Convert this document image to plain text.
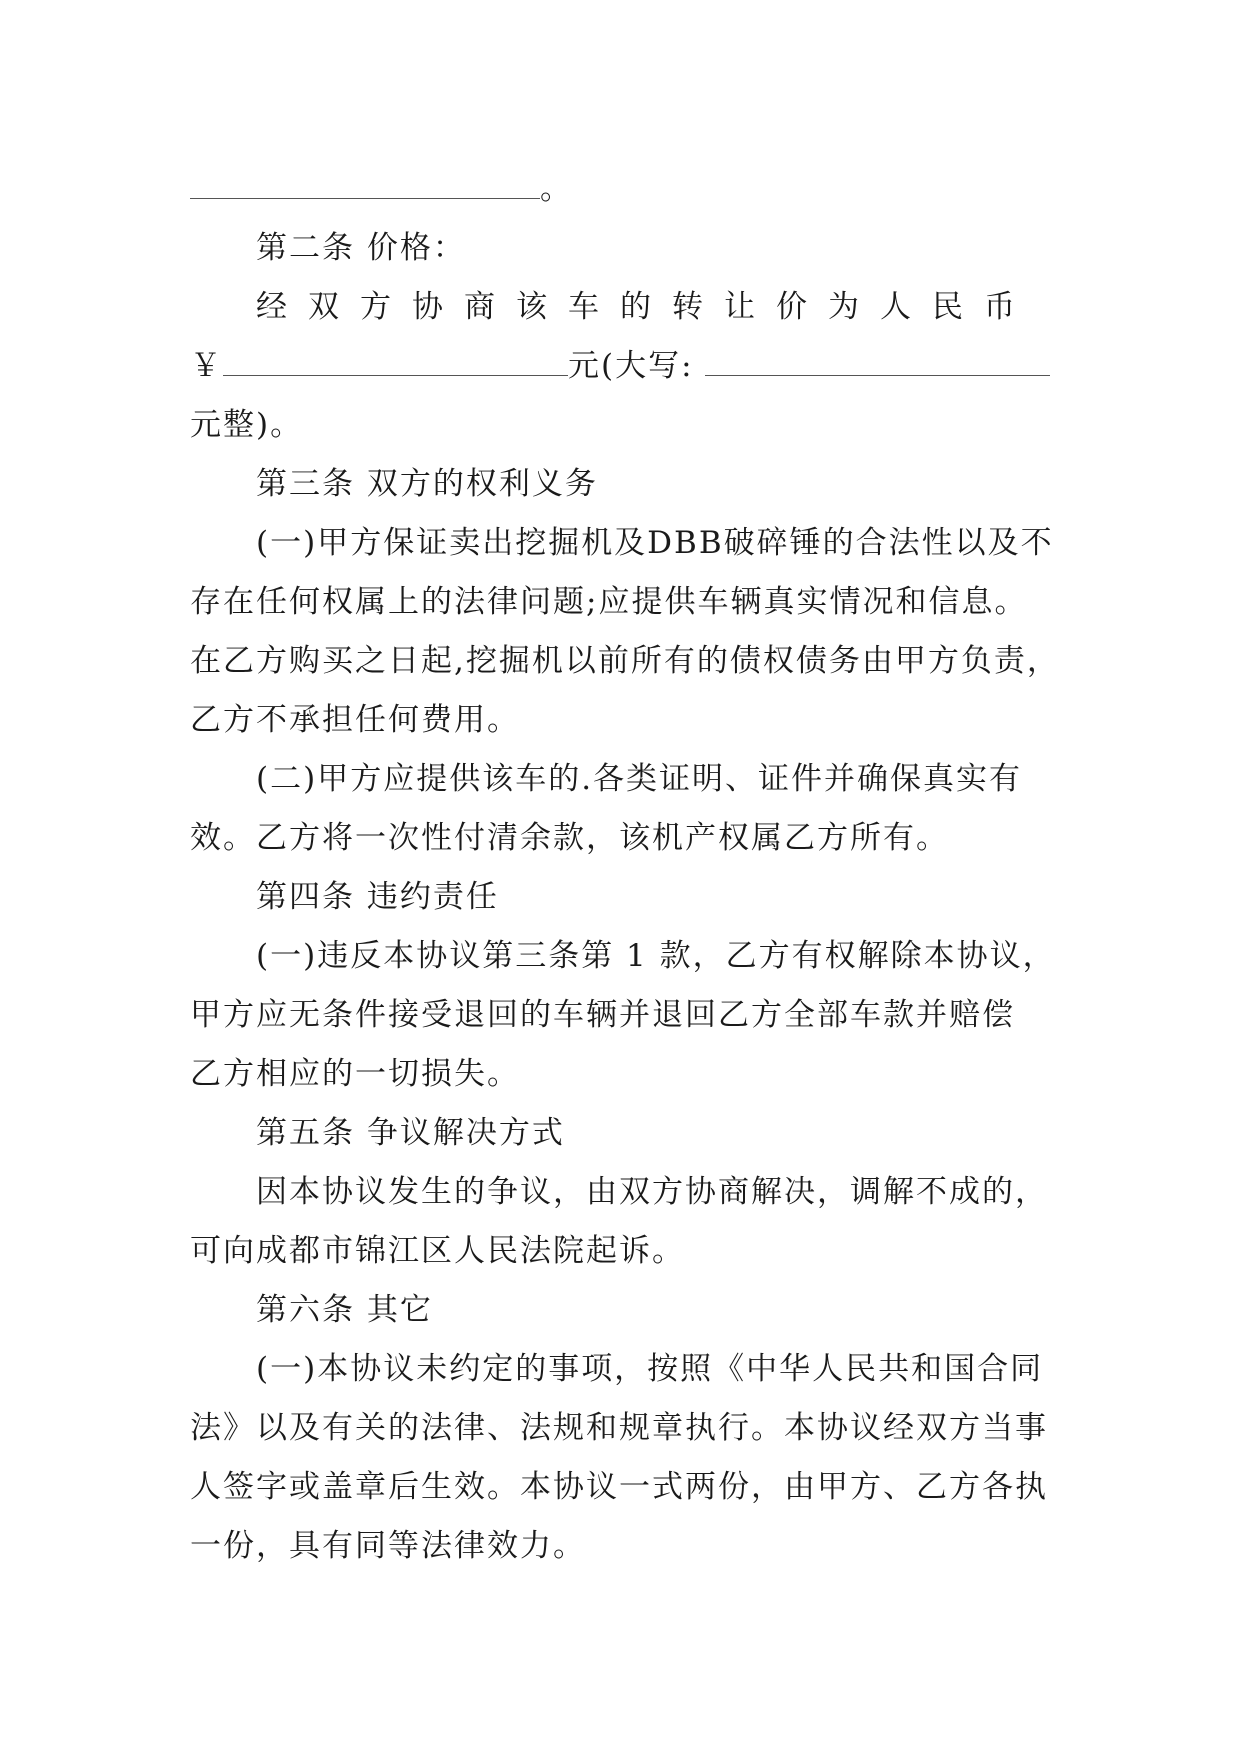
。
第二条 价格：
经双方协商该车的转让价为人民币
￥	元(大写:
元整)。
第三条 双方的权利义务
(一)甲方保证卖出挖掘机及DBB破碎锤的合法性以及不
存在任何权属上的法律问题;应提供车辆真实情况和信息。
在乙方购买之日起,挖掘机以前所有的债权债务由甲方负责，
乙方不承担任何费用。
(二)甲方应提供该车的.各类证明、证件并确保真实有
效。乙方将一次性付清余款，该机产权属乙方所有。
第四条 违约责任
(一)违反本协议第三条第 1 款，乙方有权解除本协议，
甲方应无条件接受退回的车辆并退回乙方全部车款并赔偿
乙方相应的一切损失。
第五条 争议解决方式
因本协议发生的争议，由双方协商解决，调解不成的，
可向成都市锦江区人民法院起诉。
第六条 其它
(一)本协议未约定的事项，按照《中华人民共和国合同
法》以及有关的法律、法规和规章执行。本协议经双方当事
人签字或盖章后生效。本协议一式两份，由甲方、乙方各执
一份，具有同等法律效力。
